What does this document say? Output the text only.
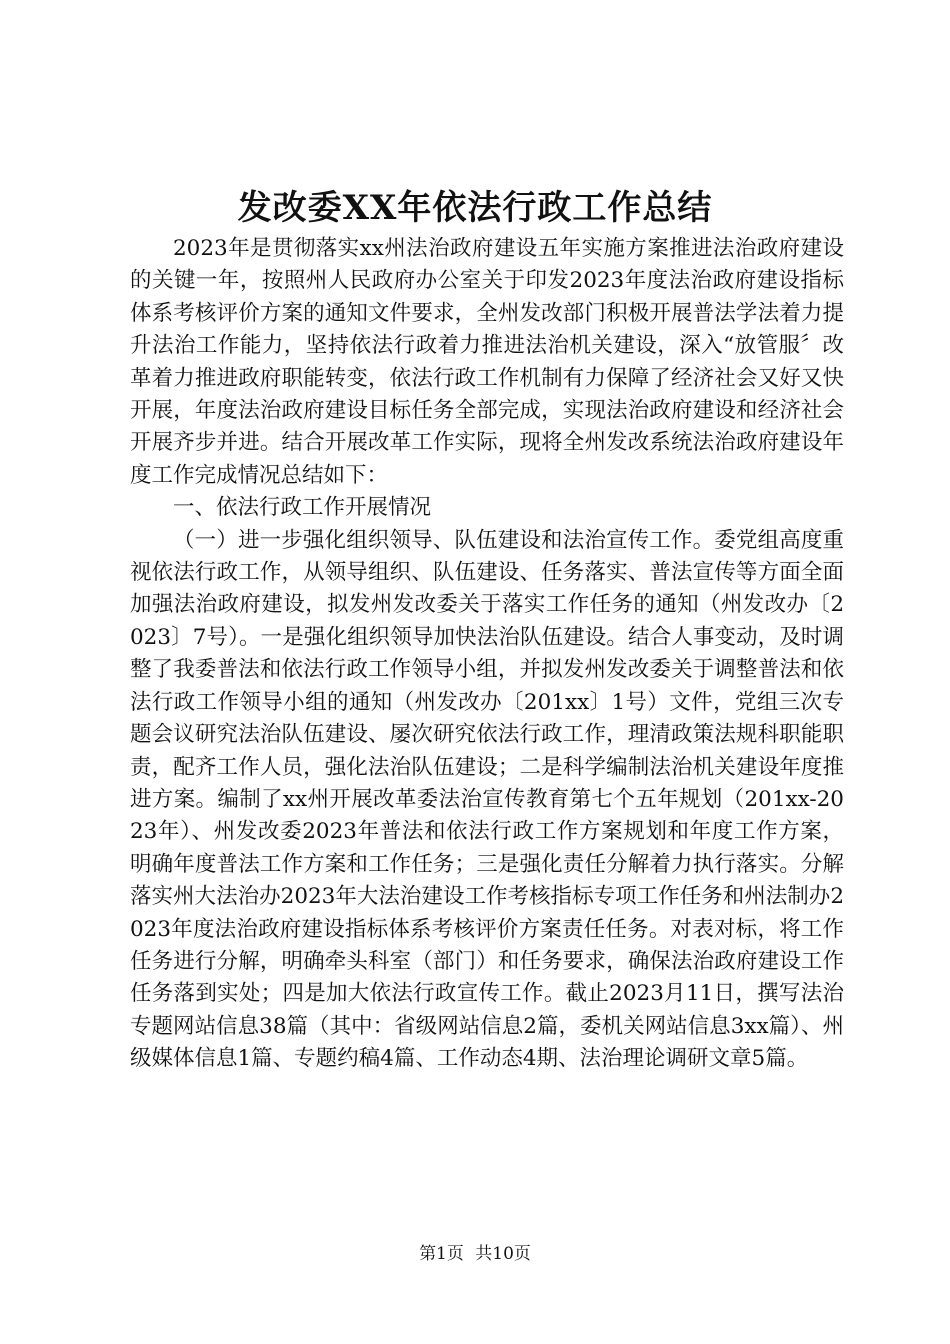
发改委XX年依法行政工作总结

2023年是贯彻落实xx州法治政府建设五年实施方案推进法治政府建设的关键一年，按照州人民政府办公室关于印发2023年度法治政府建设指标体系考核评价方案的通知文件要求，全州发改部门积极开展普法学法着力提升法治工作能力，坚持依法行政着力推进法治机关建设，深入“放管服〞改革着力推进政府职能转变，依法行政工作机制有力保障了经济社会又好又快开展，年度法治政府建设目标任务全部完成，实现法治政府建设和经济社会开展齐步并进。结合开展改革工作实际，现将全州发改系统法治政府建设年度工作完成情况总结如下：

一、依法行政工作开展情况

（一）进一步强化组织领导、队伍建设和法治宣传工作。委党组高度重视依法行政工作，从领导组织、队伍建设、任务落实、普法宣传等方面全面加强法治政府建设，拟发州发改委关于落实工作任务的通知（州发改办〔2023〕7号）。一是强化组织领导加快法治队伍建设。结合人事变动，及时调整了我委普法和依法行政工作领导小组，并拟发州发改委关于调整普法和依法行政工作领导小组的通知（州发改办〔201xx〕1号）文件，党组三次专题会议研究法治队伍建设、屡次研究依法行政工作，理清政策法规科职能职责，配齐工作人员，强化法治队伍建设；二是科学编制法治机关建设年度推进方案。编制了xx州开展改革委法治宣传教育第七个五年规划（201xx-2023年）、州发改委2023年普法和依法行政工作方案规划和年度工作方案，明确年度普法工作方案和工作任务；三是强化责任分解着力执行落实。分解落实州大法治办2023年大法治建设工作考核指标专项工作任务和州法制办2023年度法治政府建设指标体系考核评价方案责任任务。对表对标，将工作任务进行分解，明确牵头科室（部门）和任务要求，确保法治政府建设工作任务落到实处；四是加大依法行政宣传工作。截止2023月11日，撰写法治专题网站信息38篇（其中：省级网站信息2篇，委机关网站信息3xx篇）、州级媒体信息1篇、专题约稿4篇、工作动态4期、法治理论调研文章5篇。

第1页 共10页
